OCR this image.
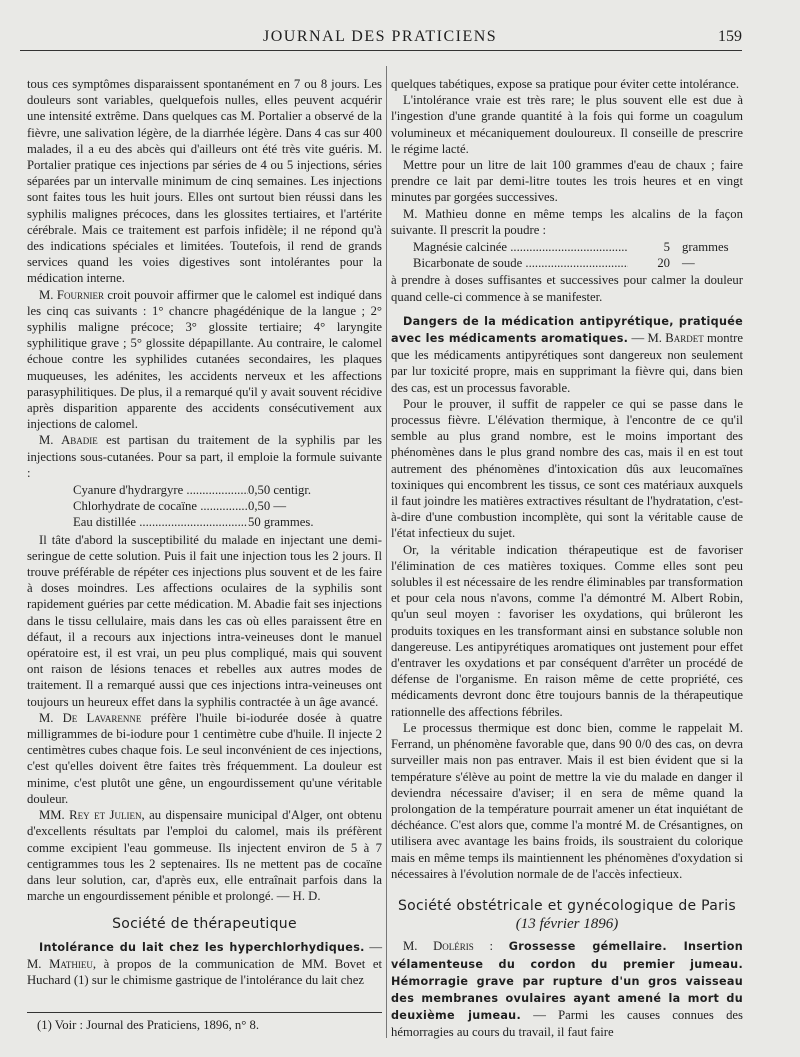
JOURNAL DES PRATICIENS	159

tous ces symptômes disparaissent spontanément en 7 ou 8 jours. Les douleurs sont variables, quelquefois nulles, elles peuvent acquérir une intensité extrême. Dans quelques cas M. Portalier a observé de la fièvre, une salivation légère, de la diarrhée légère. Dans 4 cas sur 400 malades, il a eu des abcès qui d'ailleurs ont été très vite guéris. M. Portalier pratique ces injections par séries de 4 ou 5 injections, séries séparées par un intervalle minimum de cinq semaines. Les injections sont faites tous les huit jours. Elles ont surtout bien réussi dans les syphilis malignes précoces, dans les glossites tertiaires, et l'artérite cérébrale. Mais ce traitement est parfois infidèle; il ne répond qu'à des indications spéciales et limitées. Toutefois, il rend de grands services quand les voies digestives sont intolérantes pour la médication interne.

M. Fournier croit pouvoir affirmer que le calomel est indiqué dans les cinq cas suivants : 1° chancre phagédénique de la langue ; 2° syphilis maligne précoce; 3° glossite tertiaire; 4° laryngite syphilitique grave ; 5° glossite dépapillante. Au contraire, le calomel échoue contre les syphilides cutanées secondaires, les plaques muqueuses, les adénites, les accidents nerveux et les affections parasyphilitiques. De plus, il a remarqué qu'il y avait souvent récidive après disparition apparente des accidents consécutivement aux injections de calomel.

M. Abadie est partisan du traitement de la syphilis par les injections sous-cutanées. Pour sa part, il emploie la formule suivante :

Cyanure d'hydrargyre .....	0,50 centigr.
Chlorhydrate de cocaïne .....	0,50 —
Eau distillée .....	50 grammes.

Il tâte d'abord la susceptibilité du malade en injectant une demi-seringue de cette solution. Puis il fait une injection tous les 2 jours. Il trouve préférable de répéter ces injections plus souvent et de les faire à doses moindres. Les affections oculaires de la syphilis sont rapidement guéries par cette médication. M. Abadie fait ses injections dans le tissu cellulaire, mais dans les cas où elles paraissent être en défaut, il a recours aux injections intra-veineuses dont le manuel opératoire est, il est vrai, un peu plus compliqué, mais qui souvent ont raison de lésions tenaces et rebelles aux autres modes de traitement. Il a remarqué aussi que ces injections intra-veineuses ont toujours un heureux effet dans la syphilis contractée à un âge avancé.

M. De Lavarenne préfère l'huile bi-iodurée dosée à quatre milligrammes de bi-iodure pour 1 centimètre cube d'huile. Il injecte 2 centimètres cubes chaque fois. Le seul inconvénient de ces injections, c'est qu'elles doivent être faites très fréquemment. La douleur est minime, c'est plutôt une gêne, un engourdissement qu'une véritable douleur.

MM. Rey et Julien, au dispensaire municipal d'Alger, ont obtenu d'excellents résultats par l'emploi du calomel, mais ils préfèrent comme excipient l'eau gommeuse. Ils injectent environ de 5 à 7 centigrammes tous les 2 septenaires. Ils ne mettent pas de cocaïne dans leur solution, car, d'après eux, elle entraînait parfois dans la marche un engourdissement pénible et prolongé. — H. D.

Société de thérapeutique

Intolérance du lait chez les hyperchlorhydiques. — M. Mathieu, à propos de la communication de MM. Bovet et Huchard (1) sur le chimisme gastrique de l'intolérance du lait chez

(1) Voir : Journal des Praticiens, 1896, n° 8.

quelques tabétiques, expose sa pratique pour éviter cette intolérance.

L'intolérance vraie est très rare; le plus souvent elle est due à l'ingestion d'une grande quantité à la fois qui forme un coagulum volumineux et mécaniquement douloureux. Il conseille de prescrire le régime lacté.

Mettre pour un litre de lait 100 grammes d'eau de chaux ; faire prendre ce lait par demi-litre toutes les trois heures et en vingt minutes par gorgées successives.

M. Mathieu donne en même temps les alcalins de la façon suivante. Il prescrit la poudre :

Magnésie calcinée .....	5 grammes
Bicarbonate de soude .....	20 —

à prendre à doses suffisantes et successives pour calmer la douleur quand celle-ci commence à se manifester.

Dangers de la médication antipyrétique, pratiquée avec les médicaments aromatiques. — M. Bardet montre que les médicaments antipyrétiques sont dangereux non seulement par lur toxicité propre, mais en supprimant la fièvre qui, dans bien des cas, est un processus favorable.

Pour le prouver, il suffit de rappeler ce qui se passe dans le processus fièvre. L'élévation thermique, à l'encontre de ce qu'il semble au plus grand nombre, est le moins important des phénomènes dans le plus grand nombre des cas, mais il en est tout autrement des phénomènes d'intoxication dûs aux leucomaïnes toxiniques qui encombrent les tissus, ce sont ces matériaux auxquels il faut joindre les matières extractives résultant de l'hydratation, c'est-à-dire d'une combustion incomplète, qui sont la véritable cause de l'état infectieux du sujet.

Or, la véritable indication thérapeutique est de favoriser l'élimination de ces matières toxiques. Comme elles sont peu solubles il est nécessaire de les rendre éliminables par transformation et pour cela nous n'avons, comme l'a démontré M. Albert Robin, qu'un seul moyen : favoriser les oxydations, qui brûleront les produits toxiques en les transformant ainsi en substance soluble non dangereuse. Les antipyrétiques aromatiques ont justement pour effet d'entraver les oxydations et par conséquent d'arrêter un procédé de défense de l'organisme. En raison même de cette propriété, ces médicaments devront donc être toujours bannis de la thérapeutique rationnelle des affections fébriles.

Le processus thermique est donc bien, comme le rappelait M. Ferrand, un phénomène favorable que, dans 90 0/0 des cas, on devra surveiller mais non pas entraver. Mais il est bien évident que si la température s'élève au point de mettre la vie du malade en danger il deviendra nécessaire d'aviser; il en sera de même quand la prolongation de la température pourrait amener un état inquiétant de déchéance. C'est alors que, comme l'a montré M. de Crésantignes, on utilisera avec avantage les bains froids, ils soustraient du colorique mais en même temps ils maintiennent les phénomènes d'oxydation si nécessaires à l'évolution normale de de l'accès infectieux.

Société obstétricale et gynécologique de Paris

(13 février 1896)

M. Doléris : Grossesse gémellaire. Insertion vélamenteuse du cordon du premier jumeau. Hémorragie grave par rupture d'un gros vaisseau des membranes ovulaires ayant amené la mort du deuxième jumeau. — Parmi les causes connues des hémorragies au cours du travail, il faut faire
